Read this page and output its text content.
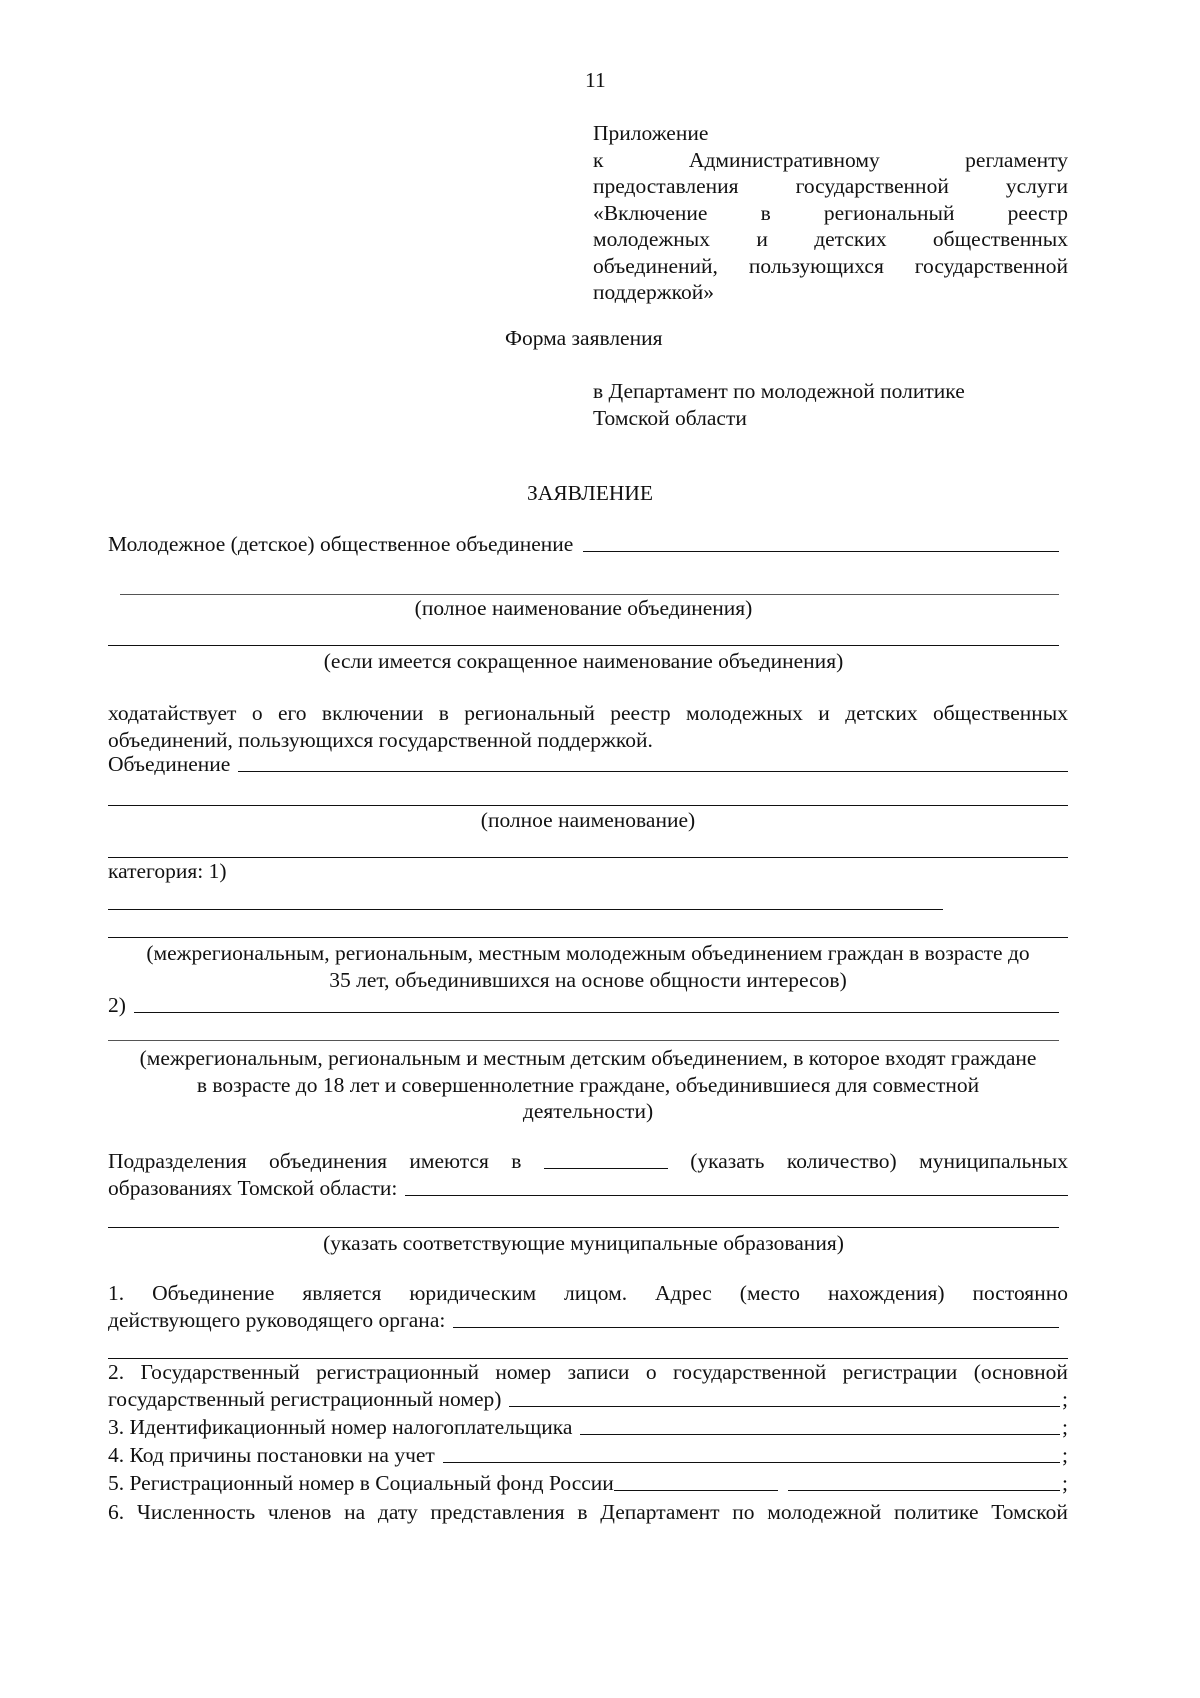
11
Приложение
к	Административному	регламенту
предоставления	государственной	услуги
«Включение в региональный реестр
молодежных и детских общественных
объединений, пользующихся государственной
поддержкой»
Форма заявления
в Департамент по молодежной политике
Томской области
ЗАЯВЛЕНИЕ
Молодежное (детское) общественное объединение
(полное наименование объединения)
(если имеется сокращенное наименование объединения)
ходатайствует о его включении в региональный реестр молодежных и детских общественных
объединений, пользующихся государственной поддержкой.
Объединение
(полное наименование)
категория: 1)
(межрегиональным, региональным, местным молодежным объединением граждан в возрасте до
35 лет, объединившихся на основе общности интересов)
2)
(межрегиональным, региональным и местным детским объединением, в которое входят граждане
в возрасте до 18 лет и совершеннолетние граждане, объединившиеся для совместной
деятельности)
Подразделения объединения имеются в	(указать количество) муниципальных
образованиях Томской области:
(указать соответствующие муниципальные образования)
1. Объединение является юридическим лицом. Адрес (место нахождения) постоянно
действующего руководящего органа:
2. Государственный регистрационный номер записи о государственной регистрации (основной
государственный регистрационный номер)	;
3. Идентификационный номер налогоплательщика	;
4. Код причины постановки на учет	;
5. Регистрационный номер в Социальный фонд России	;
6. Численность членов на дату представления в Департамент по молодежной политике Томской
